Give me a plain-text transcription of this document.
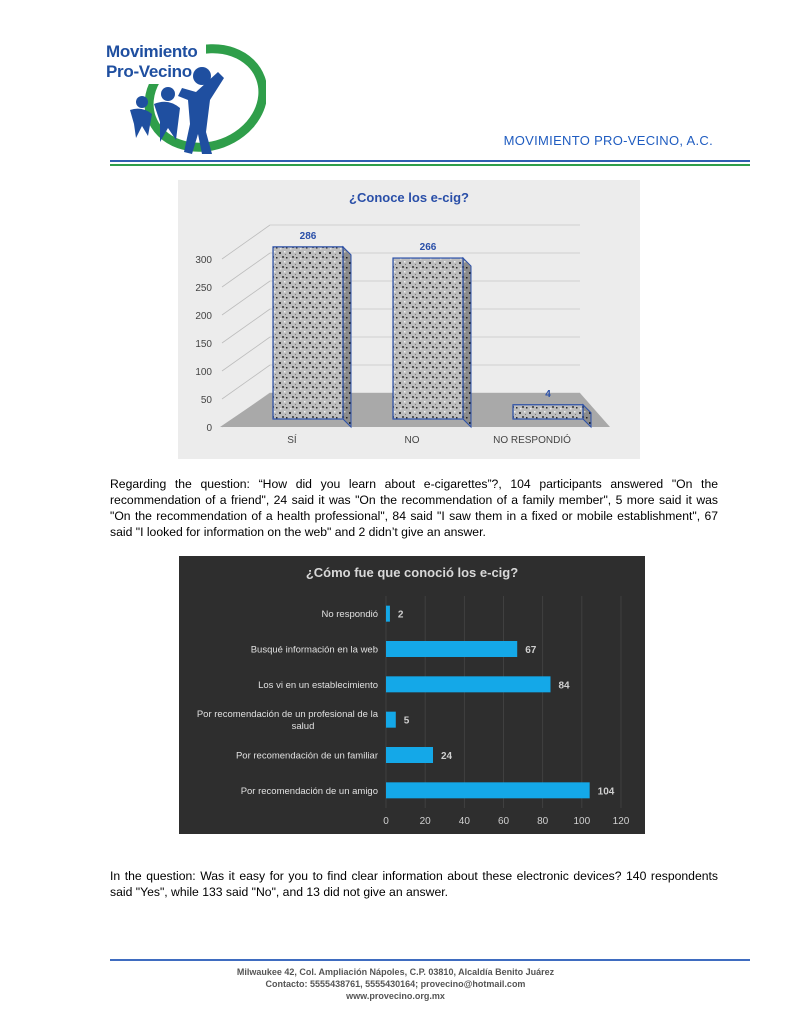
Movimiento
Pro-Vecino
MOVIMIENTO PRO-VECINO, A.C.
¿Conoce los e-cig?
0
50
100
150
200
250
300
286
266
4
SÍ	NO	NO RESPONDIÓ
Regarding the question: “How did you learn about e-cigarettes”?, 104 participants answered "On the recommendation of a friend", 24 said it was "On the recommendation of a family member", 5 more said it was "On the recommendation of a health professional", 84 said "I saw them in a fixed or mobile establishment", 67 said "I looked for information on the web" and 2 didn’t give an answer.
¿Cómo fue que conoció los e-cig?
No respondió
Busqué información en la web
Los vi en un establecimiento
Por recomendación de un profesional de la salud
Por recomendación de un familiar
Por recomendación de un amigo
2
67
84
5
24
104
0	20	40	60	80	100 120
In the question: Was it easy for you to find clear information about these electronic devices? 140 respondents said "Yes", while 133 said "No", and 13 did not give an answer.
Milwaukee 42, Col. Ampliación Nápoles, C.P. 03810, Alcaldía Benito Juárez
Contacto: 5555438761, 5555430164; provecino@hotmail.com
www.provecino.org.mx
